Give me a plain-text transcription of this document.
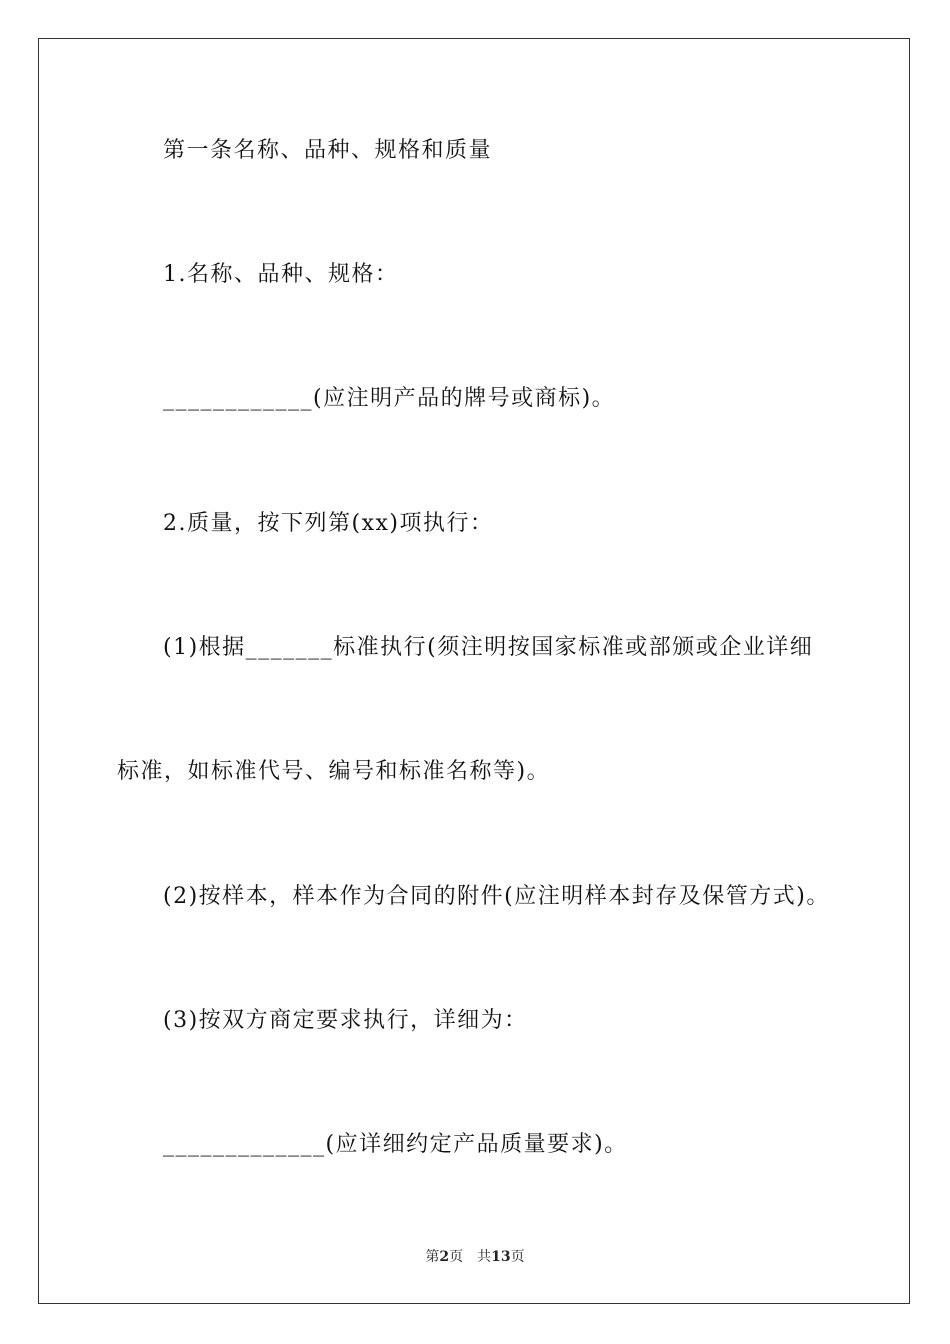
第一条名称、品种、规格和质量
1.名称、品种、规格：
____________(应注明产品的牌号或商标)。
2.质量，按下列第(xx)项执行：
(1)根据_______标准执行(须注明按国家标准或部颁或企业详细
标准，如标准代号、编号和标准名称等)。
(2)按样本，样本作为合同的附件(应注明样本封存及保管方式)。
(3)按双方商定要求执行，详细为：
_____________(应详细约定产品质量要求)。
第2页 共13页
